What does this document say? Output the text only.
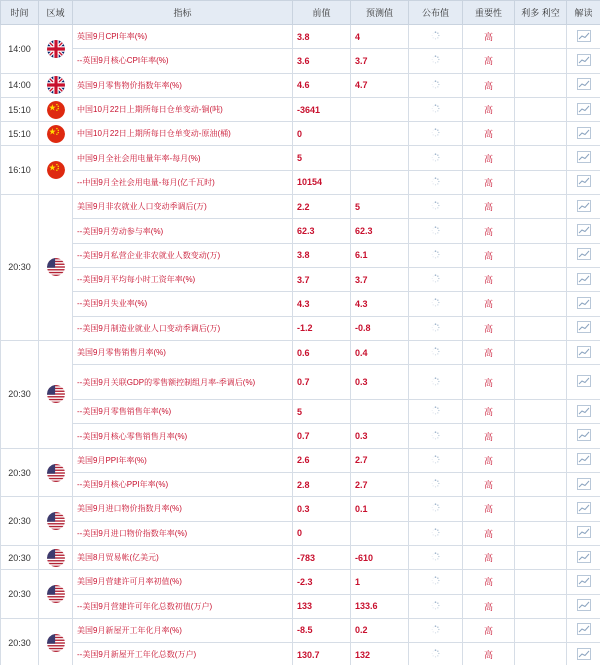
时间	区域	指标	前值	预测值	公布值	重要性	利多 利空	解读
14:00		英国9月CPI年率(%)	3.8	4		高		
		--英国9月核心CPI年率(%)	3.6	3.7		高		
14:00		英国9月零售物价指数年率(%)	4.6	4.7		高		
15:10		中国10月22日上期所每日仓单变动-铜(吨)	-3641			高		
15:10		中国10月22日上期所每日仓单变动-原油(桶)	0			高		
16:10		中国9月全社会用电量年率-每月(%)	5			高		
		--中国9月全社会用电量-每月(亿千瓦时)	10154			高		
20:30		美国9月非农就业人口变动季调后(万)	2.2	5		高		
		--美国9月劳动参与率(%)	62.3	62.3		高		
		--美国9月私营企业非农就业人数变动(万)	3.8	6.1		高		
		--美国9月平均每小时工资年率(%)	3.7	3.7		高		
		--美国9月失业率(%)	4.3	4.3		高		
		--美国9月制造业就业人口变动季调后(万)	-1.2	-0.8		高		
20:30		美国9月零售销售月率(%)	0.6	0.4		高		
		--美国9月关联GDP的零售额控制组月率-季调后(%)	0.7	0.3		高		
		--美国9月零售销售年率(%)	5			高		
		--美国9月核心零售销售月率(%)	0.7	0.3		高		
20:30		美国9月PPI年率(%)	2.6	2.7		高		
		--美国9月核心PPI年率(%)	2.8	2.7		高		
20:30		美国9月进口物价指数月率(%)	0.3	0.1		高		
		--美国9月进口物价指数年率(%)	0			高		
20:30		美国8月贸易帐(亿美元)	-783	-610		高		
20:30		美国9月营建许可月率初值(%)	-2.3	1		高		
		--美国9月营建许可年化总数初值(万户)	133	133.6		高		
20:30		美国9月新屋开工年化月率(%)	-8.5	0.2		高		
		--美国9月新屋开工年化总数(万户)	130.7	132		高		
